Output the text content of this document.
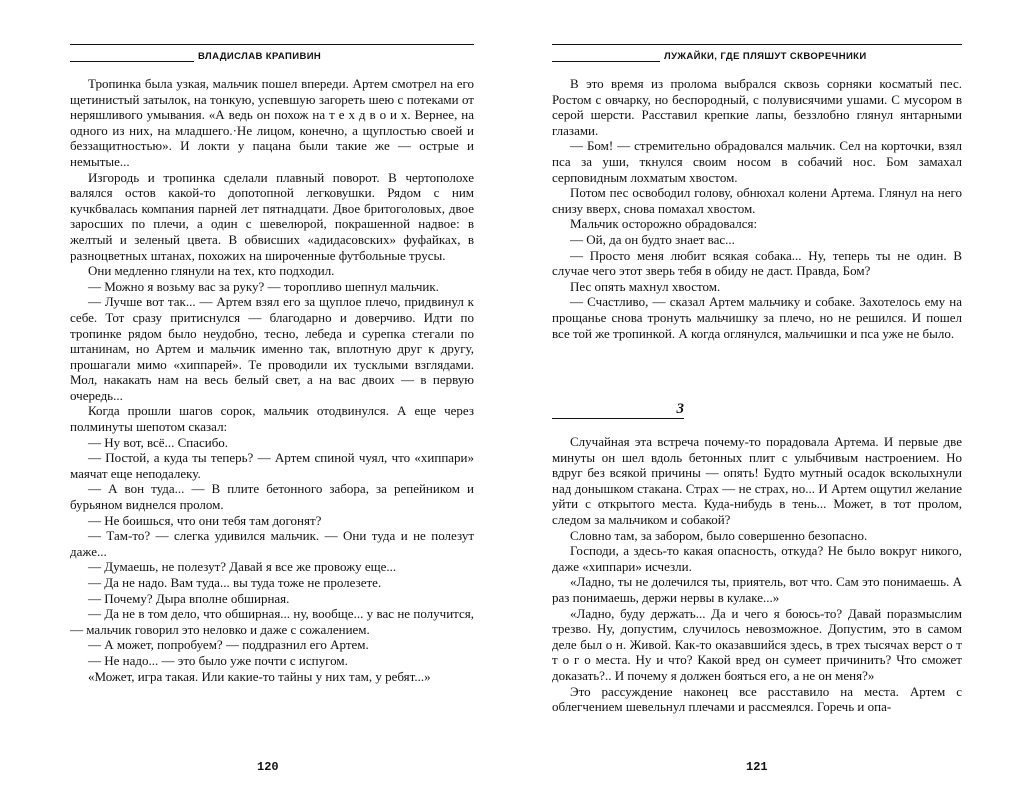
ВЛАДИСЛАВ КРАПИВИН

Тропинка была узкая, мальчик пошел впереди. Артем смотрел на его щетинистый затылок, на тонкую, успевшую загореть шею с потеками от неряшливого умывания. «А ведь он похож на т е х д в о и х. Вернее, на одного из них, на младшего.·Не лицом, конечно, а щуплостью своей и беззащитностью». И локти у пацана были такие же — острые и немытые...

Изгородь и тропинка сделали плавный поворот. В чертополохе валялся остов какой-то допотопной легковушки. Рядом с ним кучкбвалась компания парней лет пятнадцати. Двое бритоголовых, двое заросших по плечи, а один с шевелюрой, покрашенной надвое: в желтый и зеленый цвета. В обвисших «адидасовских» фуфайках, в разноцветных штанах, похожих на широченные футбольные трусы.

Они медленно глянули на тех, кто подходил.

— Можно я возьму вас за руку? — торопливо шепнул мальчик.

— Лучше вот так... — Артем взял его за щуплое плечо, придвинул к себе. Тот сразу притиснулся — благодарно и доверчиво. Идти по тропинке рядом было неудобно, тесно, лебеда и сурепка стегали по штанинам, но Артем и мальчик именно так, вплотную друг к другу, прошагали мимо «хиппарей». Те проводили их тусклыми взглядами. Мол, накакать нам на весь белый свет, а на вас двоих — в первую очередь...

Когда прошли шагов сорок, мальчик отодвинулся. А еще через полминуты шепотом сказал:

— Ну вот, всё... Спасибо.

— Постой, а куда ты теперь? — Артем спиной чуял, что «хиппари» маячат еще неподалеку.

— А вон туда... — В плите бетонного забора, за репейником и бурьяном виднелся пролом.

— Не боишься, что они тебя там догонят?

— Там-то? — слегка удивился мальчик. — Они туда и не полезут даже...

— Думаешь, не полезут? Давай я все же провожу еще...

— Да не надо. Вам туда... вы туда тоже не пролезете.

— Почему? Дыра вполне обширная.

— Да не в том дело, что обширная... ну, вообще... у вас не получится, — мальчик говорил это неловко и даже с сожалением.

— А может, попробуем? — поддразнил его Артем.

— Не надо... — это было уже почти с испугом.

«Может, игра такая. Или какие-то тайны у них там, у ребят...»

120
ЛУЖАЙКИ, ГДЕ ПЛЯШУТ СКВОРЕЧНИКИ

В это время из пролома выбрался сквозь сорняки косматый пес. Ростом с овчарку, но беспородный, с полувисячими ушами. С мусором в серой шерсти. Расставил крепкие лапы, беззлобно глянул янтарными глазами.

— Бом! — стремительно обрадовался мальчик. Сел на корточки, взял пса за уши, ткнулся своим носом в собачий нос. Бом замахал серповидным лохматым хвостом.

Потом пес освободил голову, обнюхал колени Артема. Глянул на него снизу вверх, снова помахал хвостом.

Мальчик осторожно обрадовался:

— Ой, да он будто знает вас...

— Просто меня любит всякая собака... Ну, теперь ты не один. В случае чего этот зверь тебя в обиду не даст. Правда, Бом?

Пес опять махнул хвостом.

— Счастливо, — сказал Артем мальчику и собаке. Захотелось ему на прощанье снова тронуть мальчишку за плечо, но не решился. И пошел все той же тропинкой. А когда оглянулся, мальчишки и пса уже не было.

3

Случайная эта встреча почему-то порадовала Артема. И первые две минуты он шел вдоль бетонных плит с улыбчивым настроением. Но вдруг без всякой причины — опять! Будто мутный осадок всколыхнули над донышком стакана. Страх — не страх, но... И Артем ощутил желание уйти с открытого места. Куда-нибудь в тень... Может, в тот пролом, следом за мальчиком и собакой?

Словно там, за забором, было совершенно безопасно.

Господи, а здесь-то какая опасность, откуда? Не было вокруг никого, даже «хиппари» исчезли.

«Ладно, ты не долечился ты, приятель, вот что. Сам это понимаешь. А раз понимаешь, держи нервы в кулаке...»

«Ладно, буду держать... Да и чего я боюсь-то? Давай поразмыслим трезво. Ну, допустим, случилось невозможное. Допустим, это в самом деле был о н. Живой. Как-то оказавшийся здесь, в трех тысячах верст о т т о г о места. Ну и что? Какой вред он сумеет причинить? Что сможет доказать?.. И почему я должен бояться его, а не он меня?»

Это рассуждение наконец все расставило на места. Артем с облегчением шевельнул плечами и рассмеялся. Горечь и опа-

121
